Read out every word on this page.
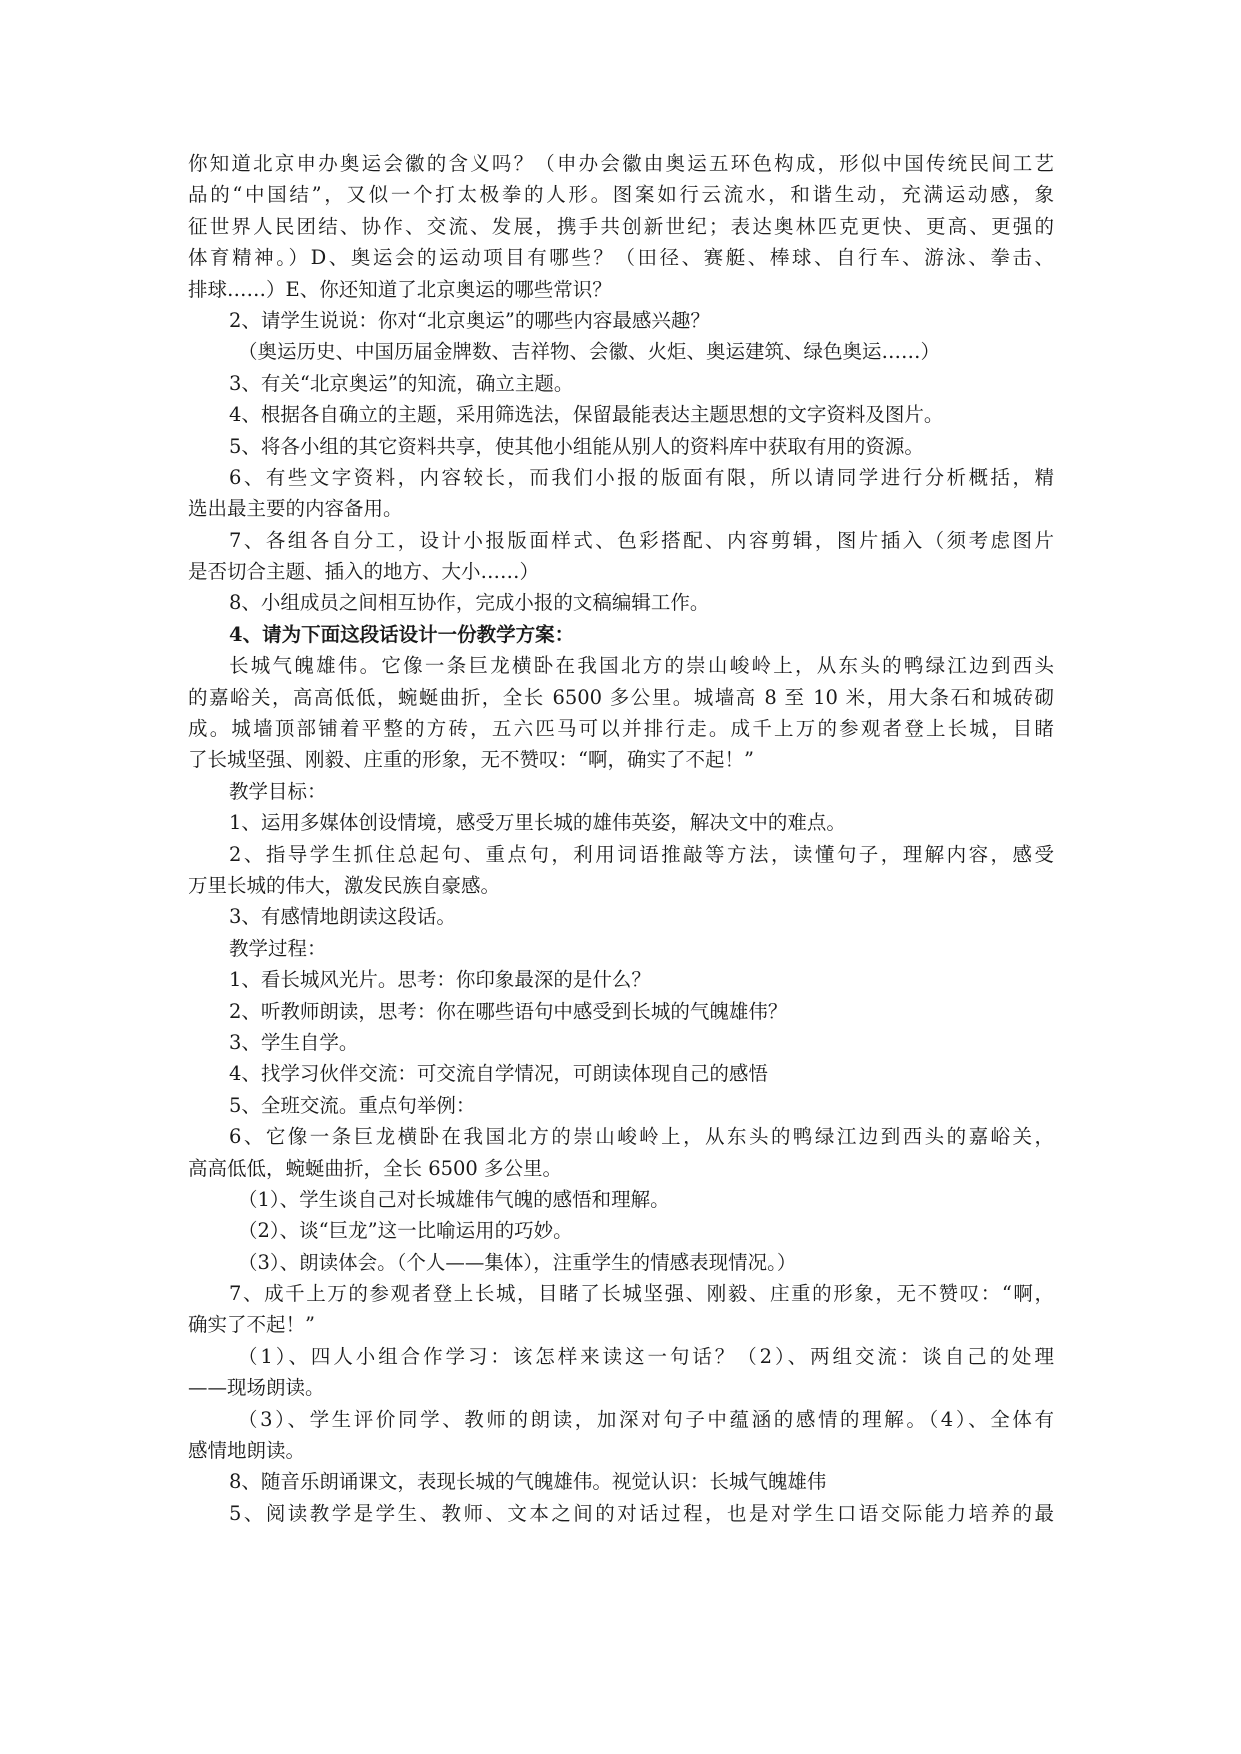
你知道北京申办奥运会徽的含义吗？（申办会徽由奥运五环色构成，形似中国传统民间工艺
品的“中国结”，又似一个打太极拳的人形。图案如行云流水，和谐生动，充满运动感，象
征世界人民团结、协作、交流、发展，携手共创新世纪；表达奥林匹克更快、更高、更强的
体育精神。）D、奥运会的运动项目有哪些？（田径、赛艇、棒球、自行车、游泳、拳击、
排球……）E、你还知道了北京奥运的哪些常识？
2、请学生说说：你对“北京奥运”的哪些内容最感兴趣？
（奥运历史、中国历届金牌数、吉祥物、会徽、火炬、奥运建筑、绿色奥运……）
3、有关“北京奥运”的知流，确立主题。
4、根据各自确立的主题，采用筛选法，保留最能表达主题思想的文字资料及图片。
5、将各小组的其它资料共享，使其他小组能从别人的资料库中获取有用的资源。
6、有些文字资料，内容较长，而我们小报的版面有限，所以请同学进行分析概括，精
选出最主要的内容备用。
7、各组各自分工，设计小报版面样式、色彩搭配、内容剪辑，图片插入（须考虑图片
是否切合主题、插入的地方、大小……）
8、小组成员之间相互协作，完成小报的文稿编辑工作。
4、请为下面这段话设计一份教学方案：
长城气魄雄伟。它像一条巨龙横卧在我国北方的崇山峻岭上，从东头的鸭绿江边到西头
的嘉峪关，高高低低，蜿蜒曲折，全长 6500 多公里。城墙高 8 至 10 米，用大条石和城砖砌
成。城墙顶部铺着平整的方砖，五六匹马可以并排行走。成千上万的参观者登上长城，目睹
了长城坚强、刚毅、庄重的形象，无不赞叹：“啊，确实了不起！”
教学目标：
1、运用多媒体创设情境，感受万里长城的雄伟英姿，解决文中的难点。
2、指导学生抓住总起句、重点句，利用词语推敲等方法，读懂句子，理解内容，感受
万里长城的伟大，激发民族自豪感。
3、有感情地朗读这段话。
教学过程：
1、看长城风光片。思考：你印象最深的是什么？
2、听教师朗读，思考：你在哪些语句中感受到长城的气魄雄伟？
3、学生自学。
4、找学习伙伴交流：可交流自学情况，可朗读体现自己的感悟
5、全班交流。重点句举例：
6、它像一条巨龙横卧在我国北方的崇山峻岭上，从东头的鸭绿江边到西头的嘉峪关，
高高低低，蜿蜒曲折，全长 6500 多公里。
（1）、学生谈自己对长城雄伟气魄的感悟和理解。
（2）、谈“巨龙”这一比喻运用的巧妙。
（3）、朗读体会。（个人——集体），注重学生的情感表现情况。）
7、成千上万的参观者登上长城，目睹了长城坚强、刚毅、庄重的形象，无不赞叹：“啊，
确实了不起！”
（1）、四人小组合作学习：该怎样来读这一句话？（2）、两组交流：谈自己的处理
——现场朗读。
（3）、学生评价同学、教师的朗读，加深对句子中蕴涵的感情的理解。（4）、全体有
感情地朗读。
8、随音乐朗诵课文，表现长城的气魄雄伟。视觉认识：长城气魄雄伟
5、阅读教学是学生、教师、文本之间的对话过程，也是对学生口语交际能力培养的最
